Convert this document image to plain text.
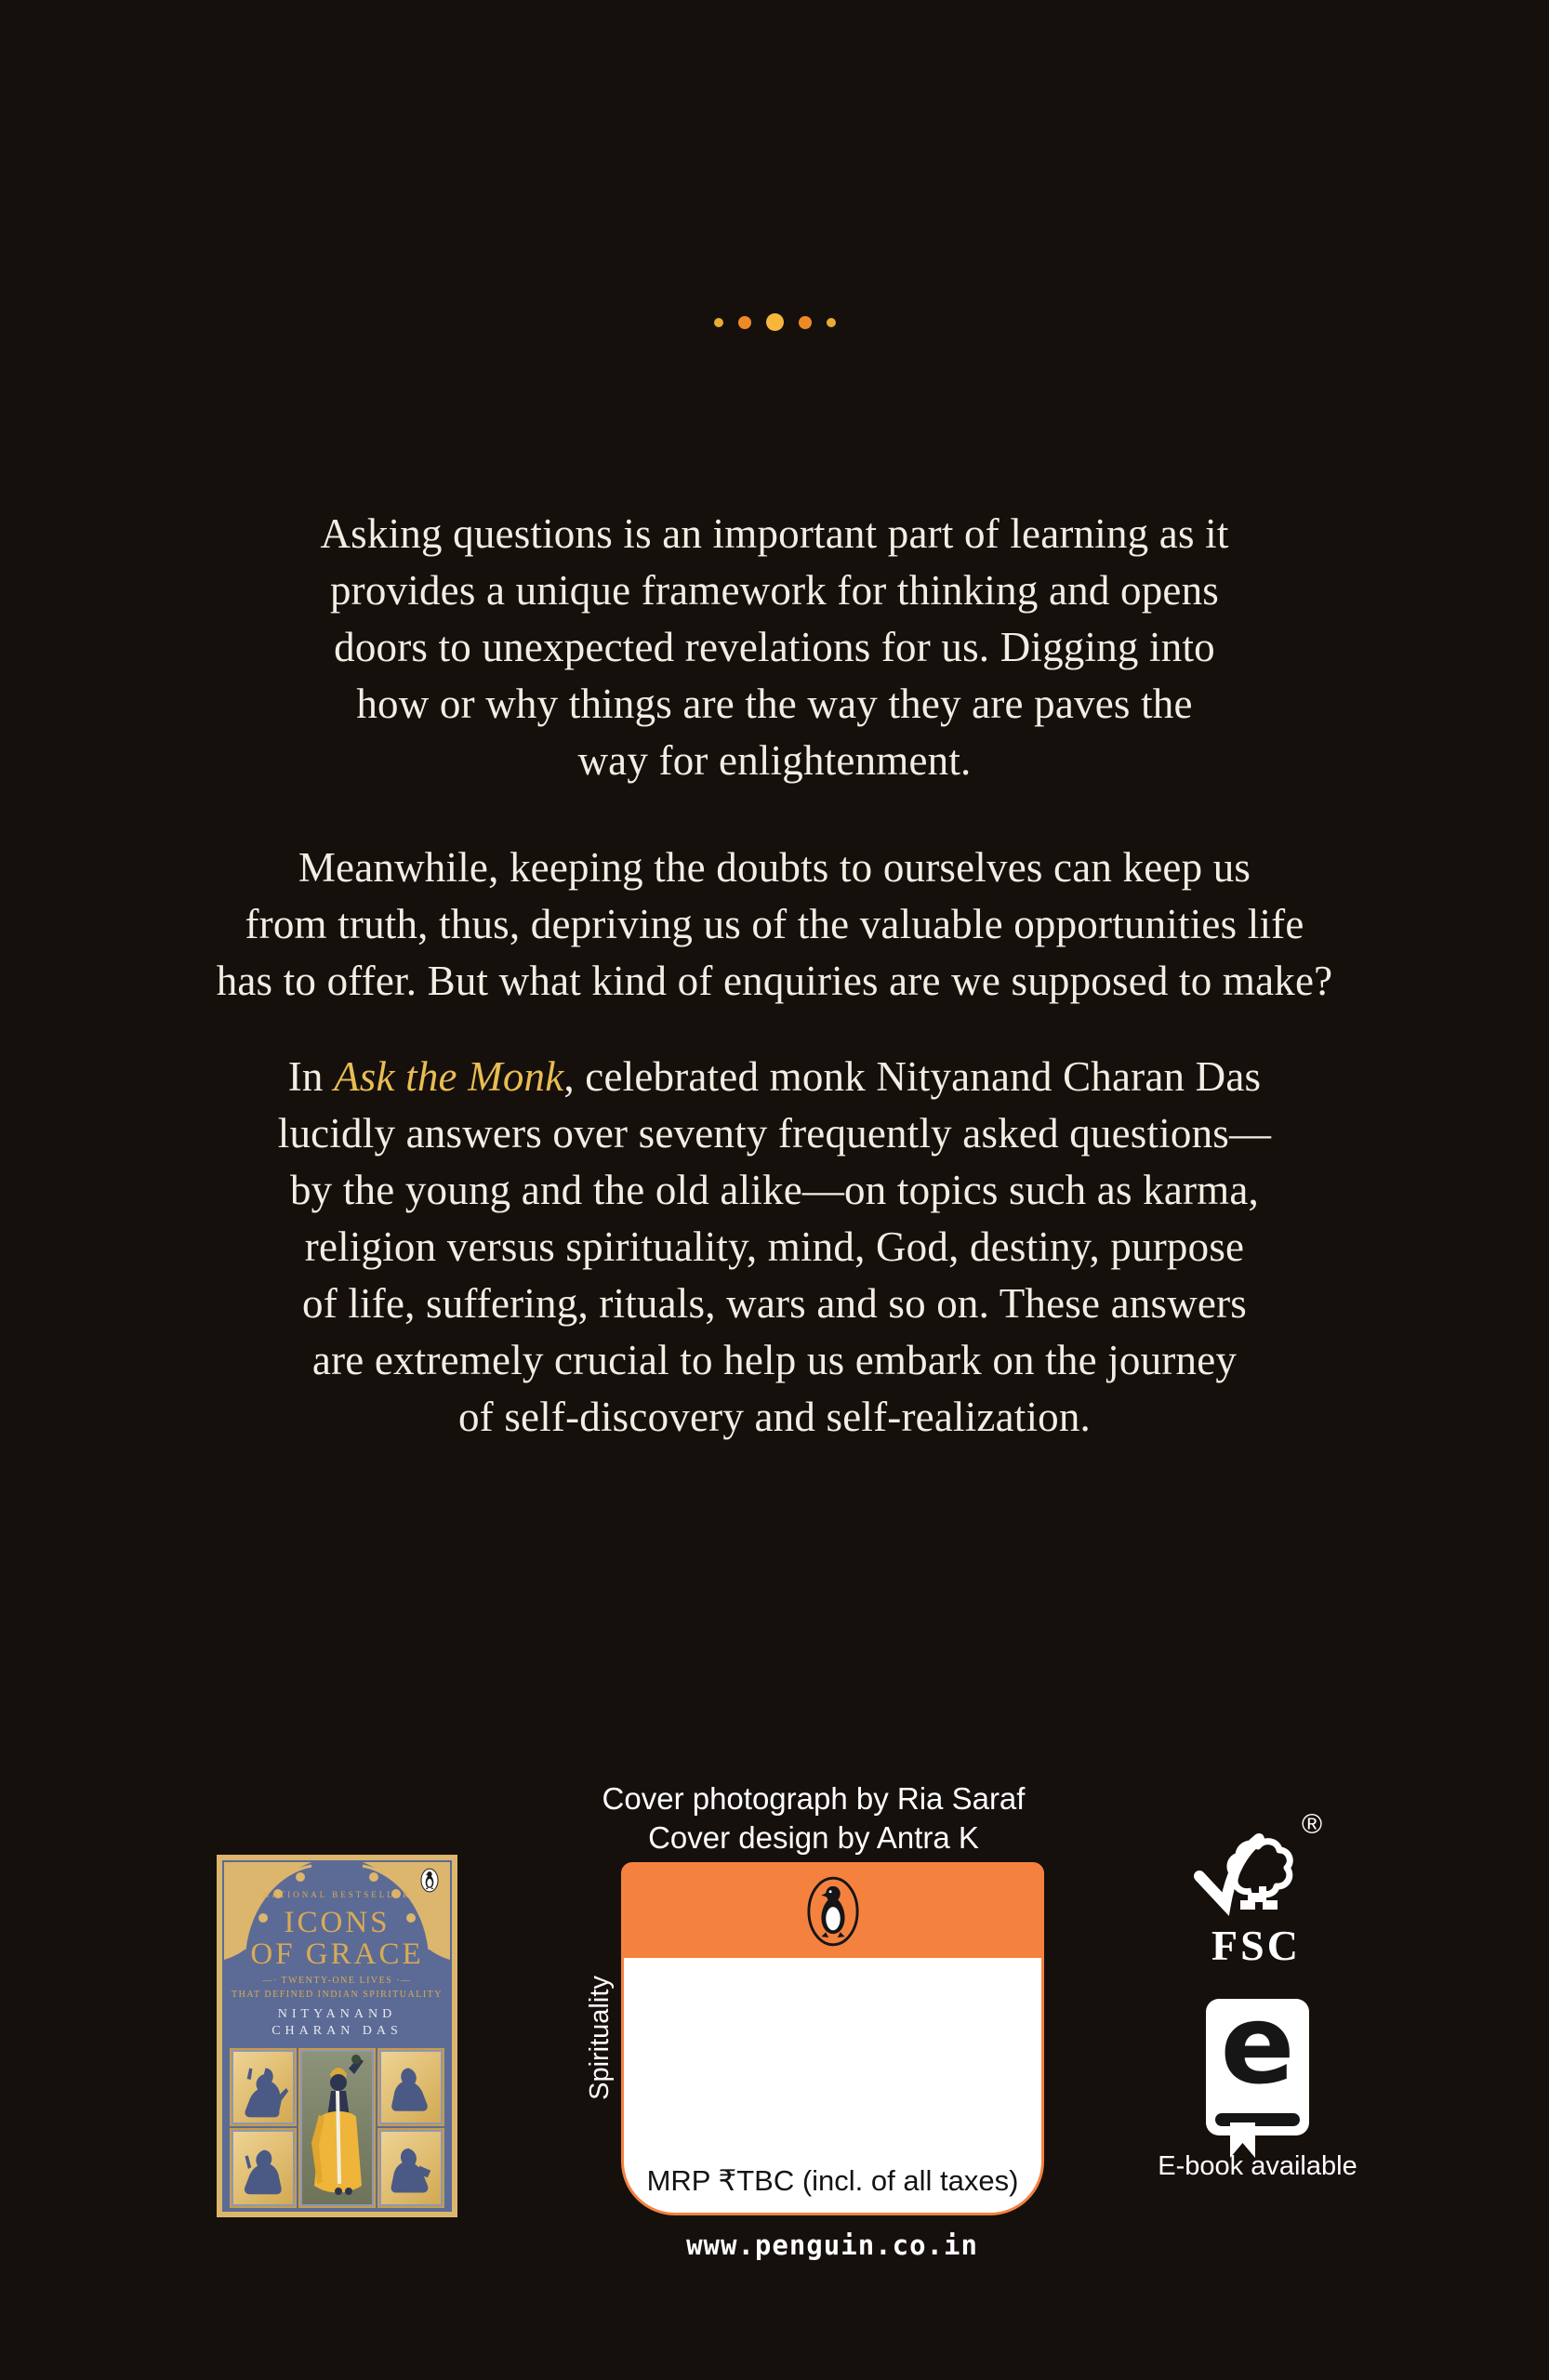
Asking questions is an important part of learning as it
provides a unique framework for thinking and opens
doors to unexpected revelations for us. Digging into
how or why things are the way they are paves the
way for enlightenment.
Meanwhile, keeping the doubts to ourselves can keep us
from truth, thus, depriving us of the valuable opportunities life
has to offer. But what kind of enquiries are we supposed to make?
In Ask the Monk, celebrated monk Nityanand Charan Das
lucidly answers over seventy frequently asked questions—
by the young and the old alike—on topics such as karma,
religion versus spirituality, mind, God, destiny, purpose
of life, suffering, rituals, wars and so on. These answers
are extremely crucial to help us embark on the journey
of self-discovery and self-realization.
Cover photograph by Ria Saraf
Cover design by Antra K
NATIONAL BESTSELLER
ICONS
OF GRACE
—· TWENTY-ONE LIVES ·—
THAT DEFINED INDIAN SPIRITUALITY
NITYANAND
CHARAN DAS
MRP ₹TBC (incl. of all taxes)
Spirituality
www.penguin.co.in
®
FSC
e
E-book available
